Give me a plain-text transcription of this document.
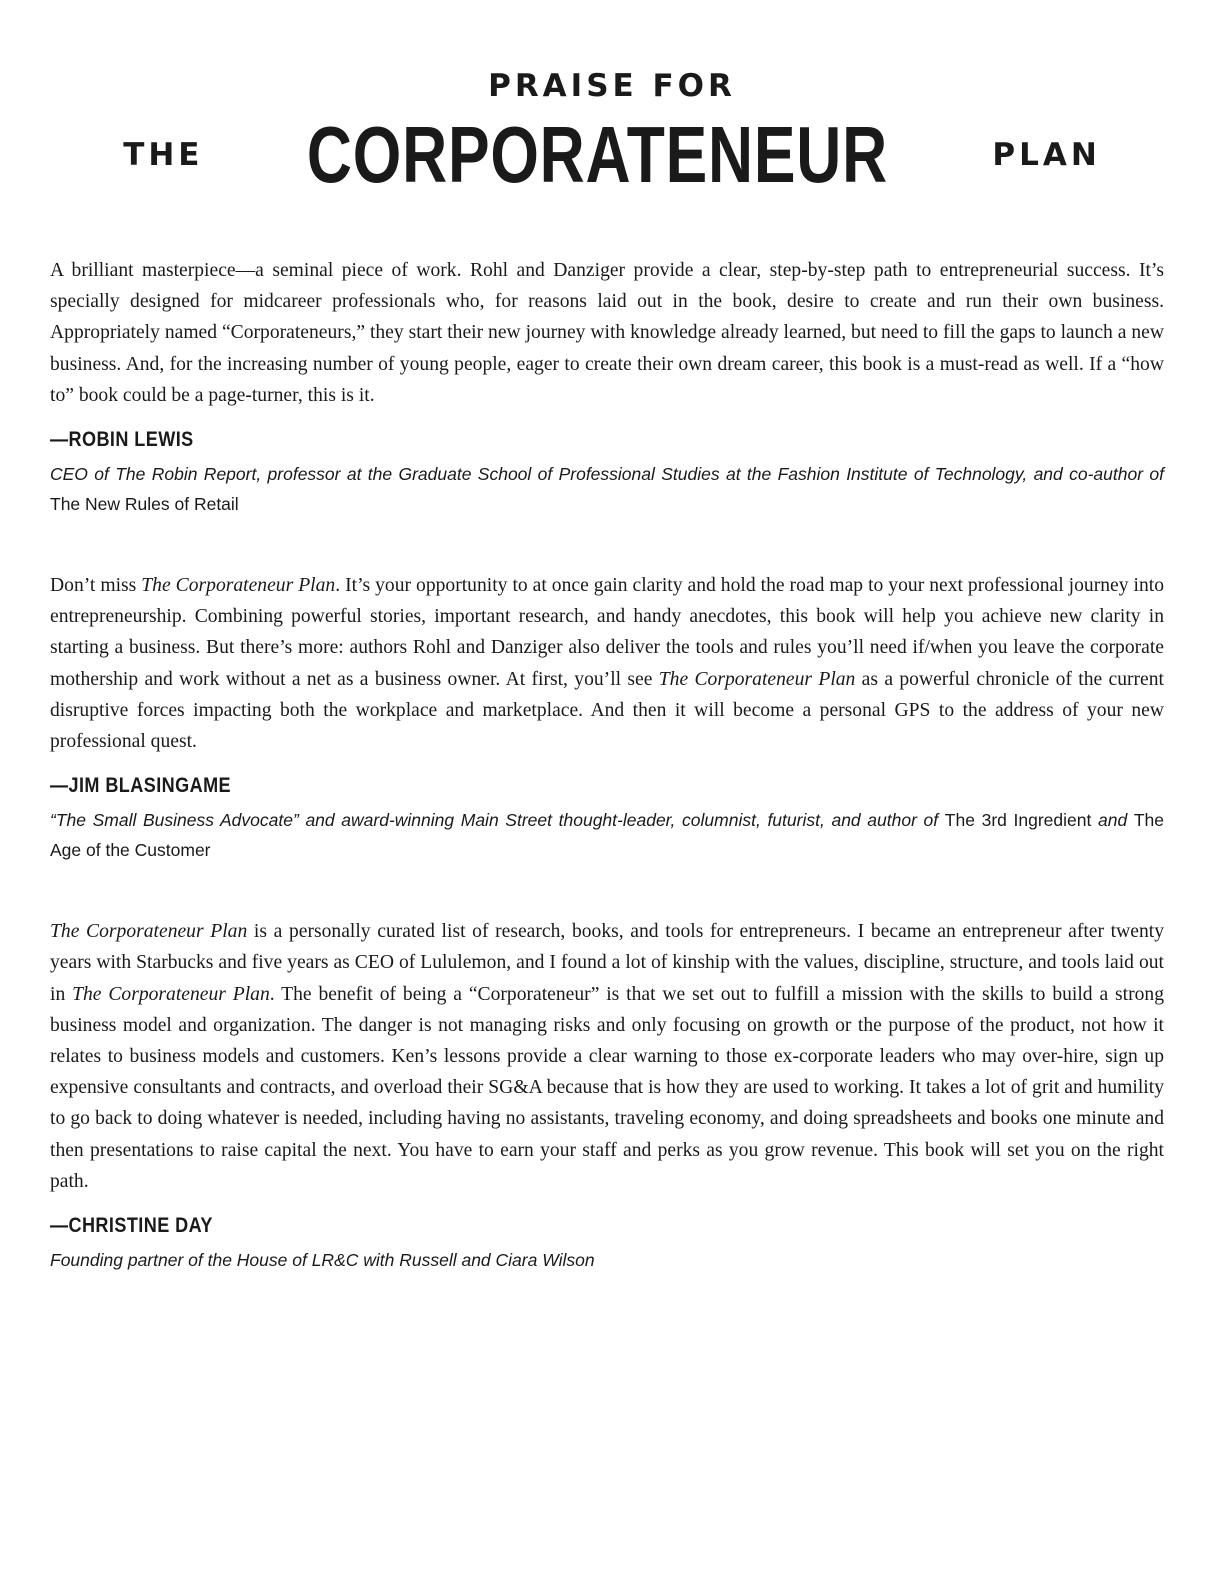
PRAISE FOR
THE CORPORATENEUR	PLAN

A brilliant masterpiece—a seminal piece of work. Rohl and Danziger provide a clear, step-by-step path to entrepreneurial success. It’s specially designed for midcareer professionals who, for reasons laid out in the book, desire to create and run their own business. Appropriately named “Corporateneurs,” they start their new journey with knowledge already learned, but need to fill the gaps to launch a new business. And, for the increasing number of young people, eager to create their own dream career, this book is a must-read as well. If a “how to” book could be a page-turner, this is it.

—ROBIN LEWIS
CEO of The Robin Report, professor at the Graduate School of Professional Studies at the Fashion Institute of Technology, and co-author of The New Rules of Retail

Don’t miss The Corporateneur Plan. It’s your opportunity to at once gain clarity and hold the road map to your next professional journey into entrepreneurship. Combining powerful stories, important research, and handy anecdotes, this book will help you achieve new clarity in starting a business. But there’s more: authors Rohl and Danziger also deliver the tools and rules you’ll need if/when you leave the corporate mothership and work without a net as a business owner. At first, you’ll see The Corporateneur Plan as a powerful chronicle of the current disruptive forces impacting both the workplace and marketplace. And then it will become a personal GPS to the address of your new professional quest.

—JIM BLASINGAME
“The Small Business Advocate” and award-winning Main Street thought-leader, columnist, futurist, and author of The 3rd Ingredient and The Age of the Customer

The Corporateneur Plan is a personally curated list of research, books, and tools for entrepreneurs. I became an entrepreneur after twenty years with Starbucks and five years as CEO of Lululemon, and I found a lot of kinship with the values, discipline, structure, and tools laid out in The Corporateneur Plan. The benefit of being a “Corporateneur” is that we set out to fulfill a mission with the skills to build a strong business model and organization. The danger is not managing risks and only focusing on growth or the purpose of the product, not how it relates to business models and customers. Ken’s lessons provide a clear warning to those ex-corporate leaders who may over-hire, sign up expensive consultants and contracts, and overload their SG&A because that is how they are used to working. It takes a lot of grit and humility to go back to doing whatever is needed, including having no assistants, traveling economy, and doing spreadsheets and books one minute and then presentations to raise capital the next. You have to earn your staff and perks as you grow revenue. This book will set you on the right path.

—CHRISTINE DAY
Founding partner of the House of LR&C with Russell and Ciara Wilson
